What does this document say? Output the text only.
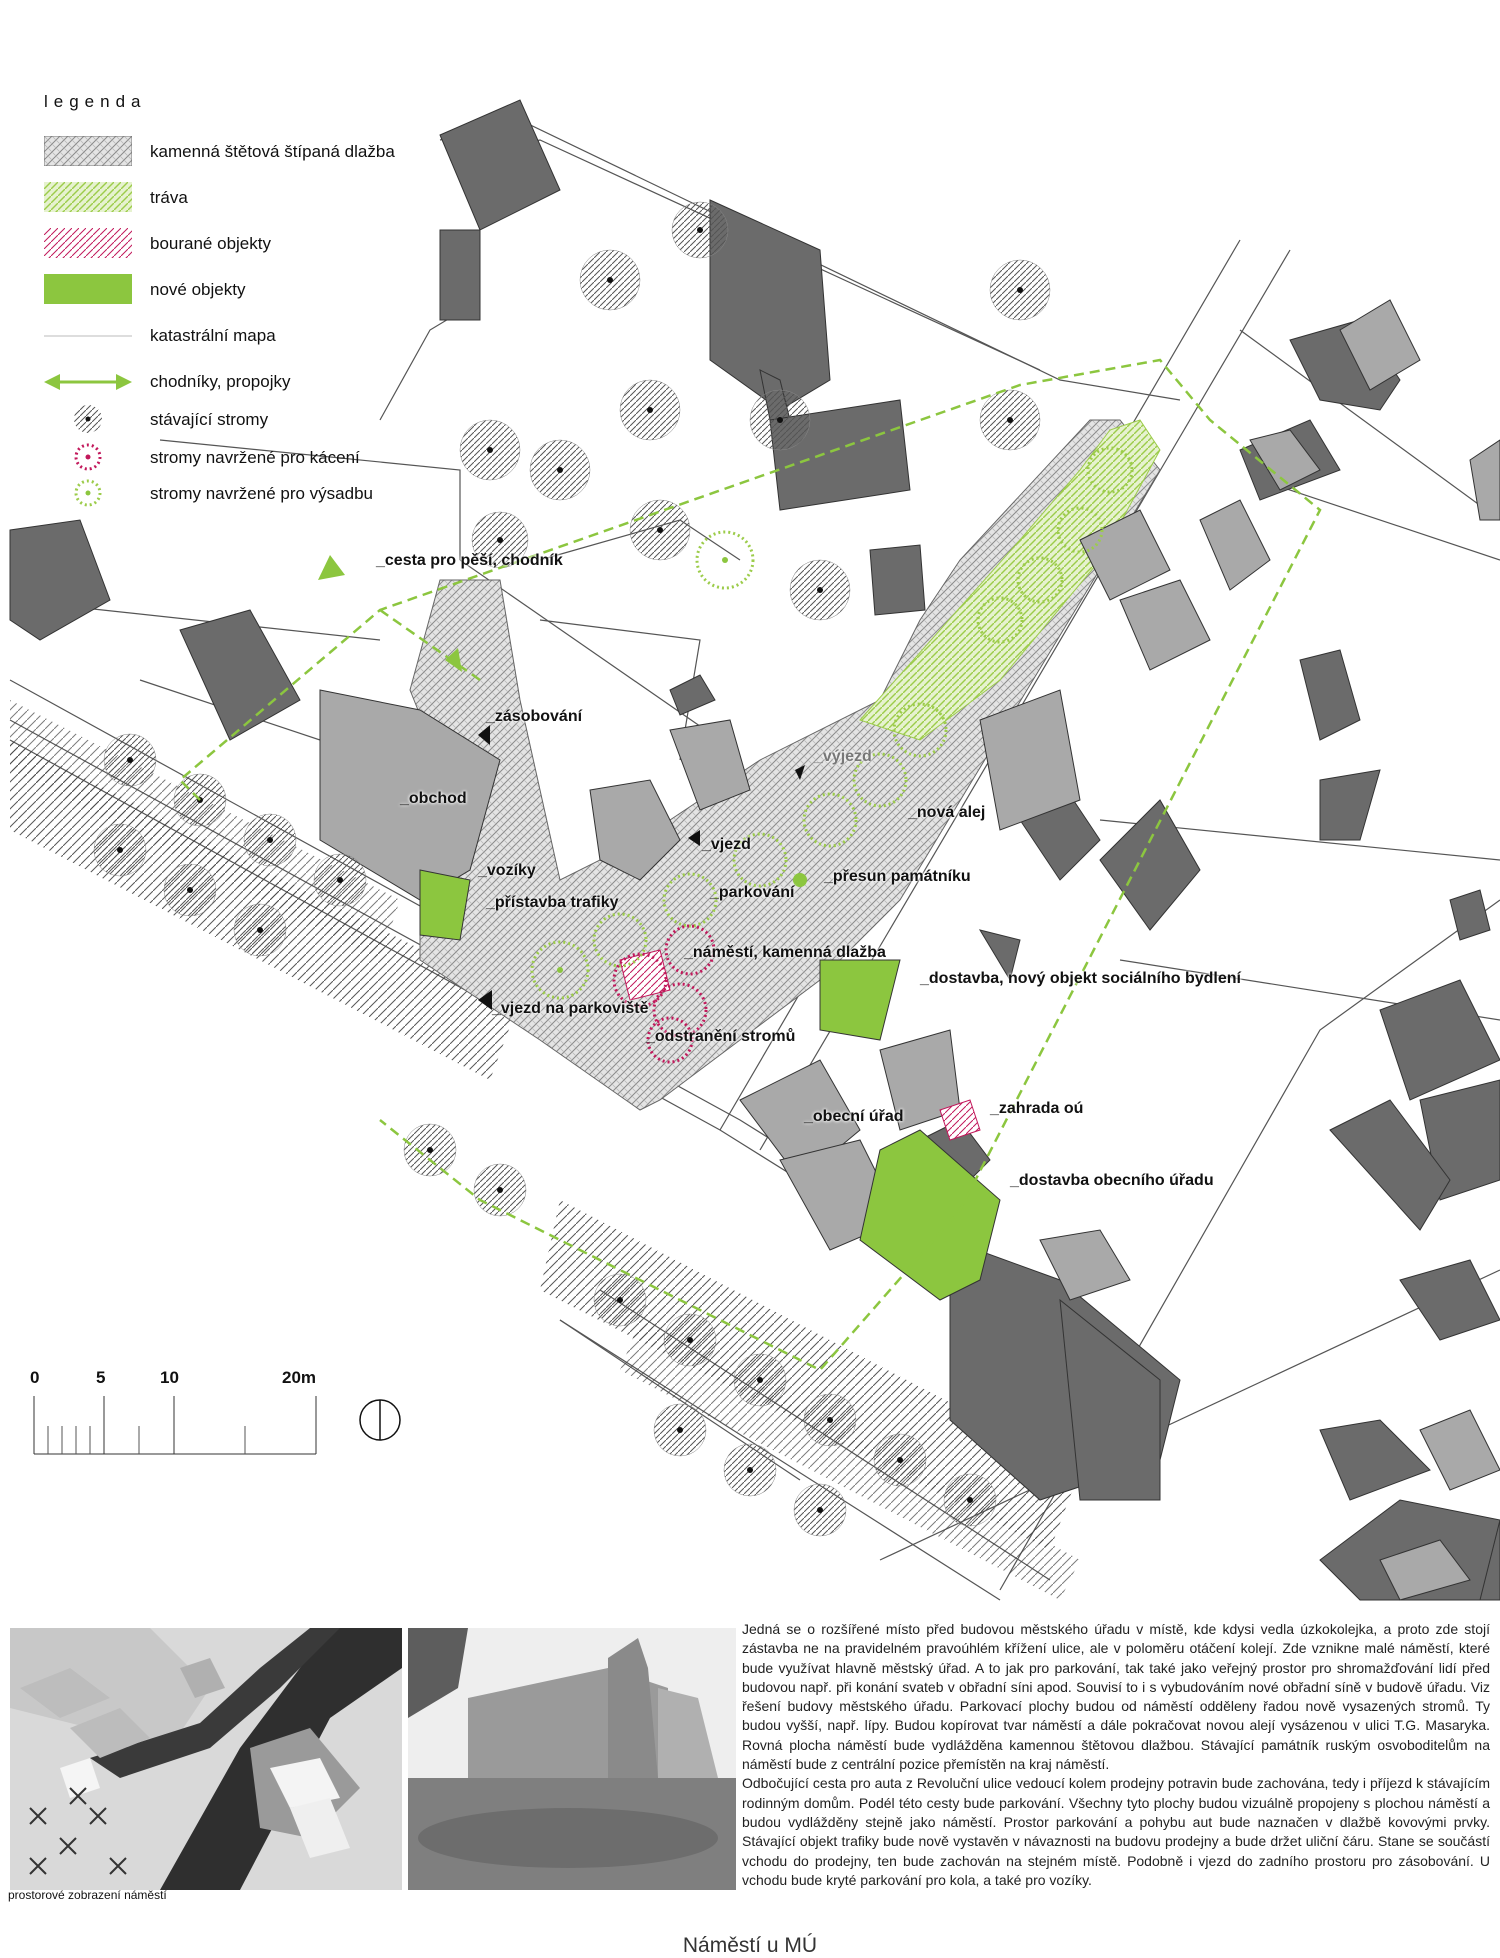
legenda
kamenná štětová štípaná dlažba
tráva
bourané objekty
nové objekty
katastrální mapa
chodníky, propojky
stávající stromy
stromy navržené pro kácení
stromy navržené pro výsadbu
_cesta pro pěší, chodník
_zásobování
_obchod
_vozíky
_přístavba trafiky
_vjezd na parkoviště
_odstranění stromů
_náměstí, kamenná dlažba
_parkování
_vjezd
_přesun památníku
_nová alej
_výjezd
_dostavba, nový objekt sociálního bydlení
_obecní úřad	_zahrada oú
_dostavba obecního úřadu
0	5	10	20m
prostorové zobrazení náměstí

Jedná se o rozšířené místo před budovou městského úřadu v místě, kde kdysi vedla úzkokolejka, a proto zde stojí zástavba ne na pravidelném pravoúhlém křížení ulice, ale v poloměru otáčení kolejí. Zde vznikne malé náměstí, které bude využívat hlavně městský úřad. A to jak pro parkování, tak také jako veřejný prostor pro shromažďování lidí před budovou např. při konání svateb v obřadní síni apod. Souvisí to i s vybudováním nové obřadní síně v budově úřadu. Viz řešení budovy městského úřadu. Parkovací plochy budou od náměstí odděleny řadou nově vysazených stromů. Ty budou vyšší, např. lípy. Budou kopírovat tvar náměstí a dále pokračovat novou alejí vysázenou v ulici T.G. Masaryka. Rovná plocha náměstí bude vydlážděna kamennou štětovou dlažbou. Stávající památník ruským osvoboditelům na náměstí bude z centrální pozice přemístěn na kraj náměstí.

Odbočující cesta pro auta z Revoluční ulice vedoucí kolem prodejny potravin bude zachována, tedy i příjezd k stávajícím rodinným domům. Podél této cesty bude parkování. Všechny tyto plochy budou vizuálně propojeny s plochou náměstí a budou vydlážděny stejně jako náměstí. Prostor parkování a pohybu aut bude naznačen v dlažbě kovovými prvky. Stávající objekt trafiky bude nově vystavěn v návaznosti na budovu prodejny a bude držet uliční čáru. Stane se součástí vchodu do prodejny, ten bude zachován na stejném místě. Podobně i vjezd do zadního prostoru pro zásobování. U vchodu bude kryté parkování pro kola, a také pro vozíky.

Náměstí u MÚ
